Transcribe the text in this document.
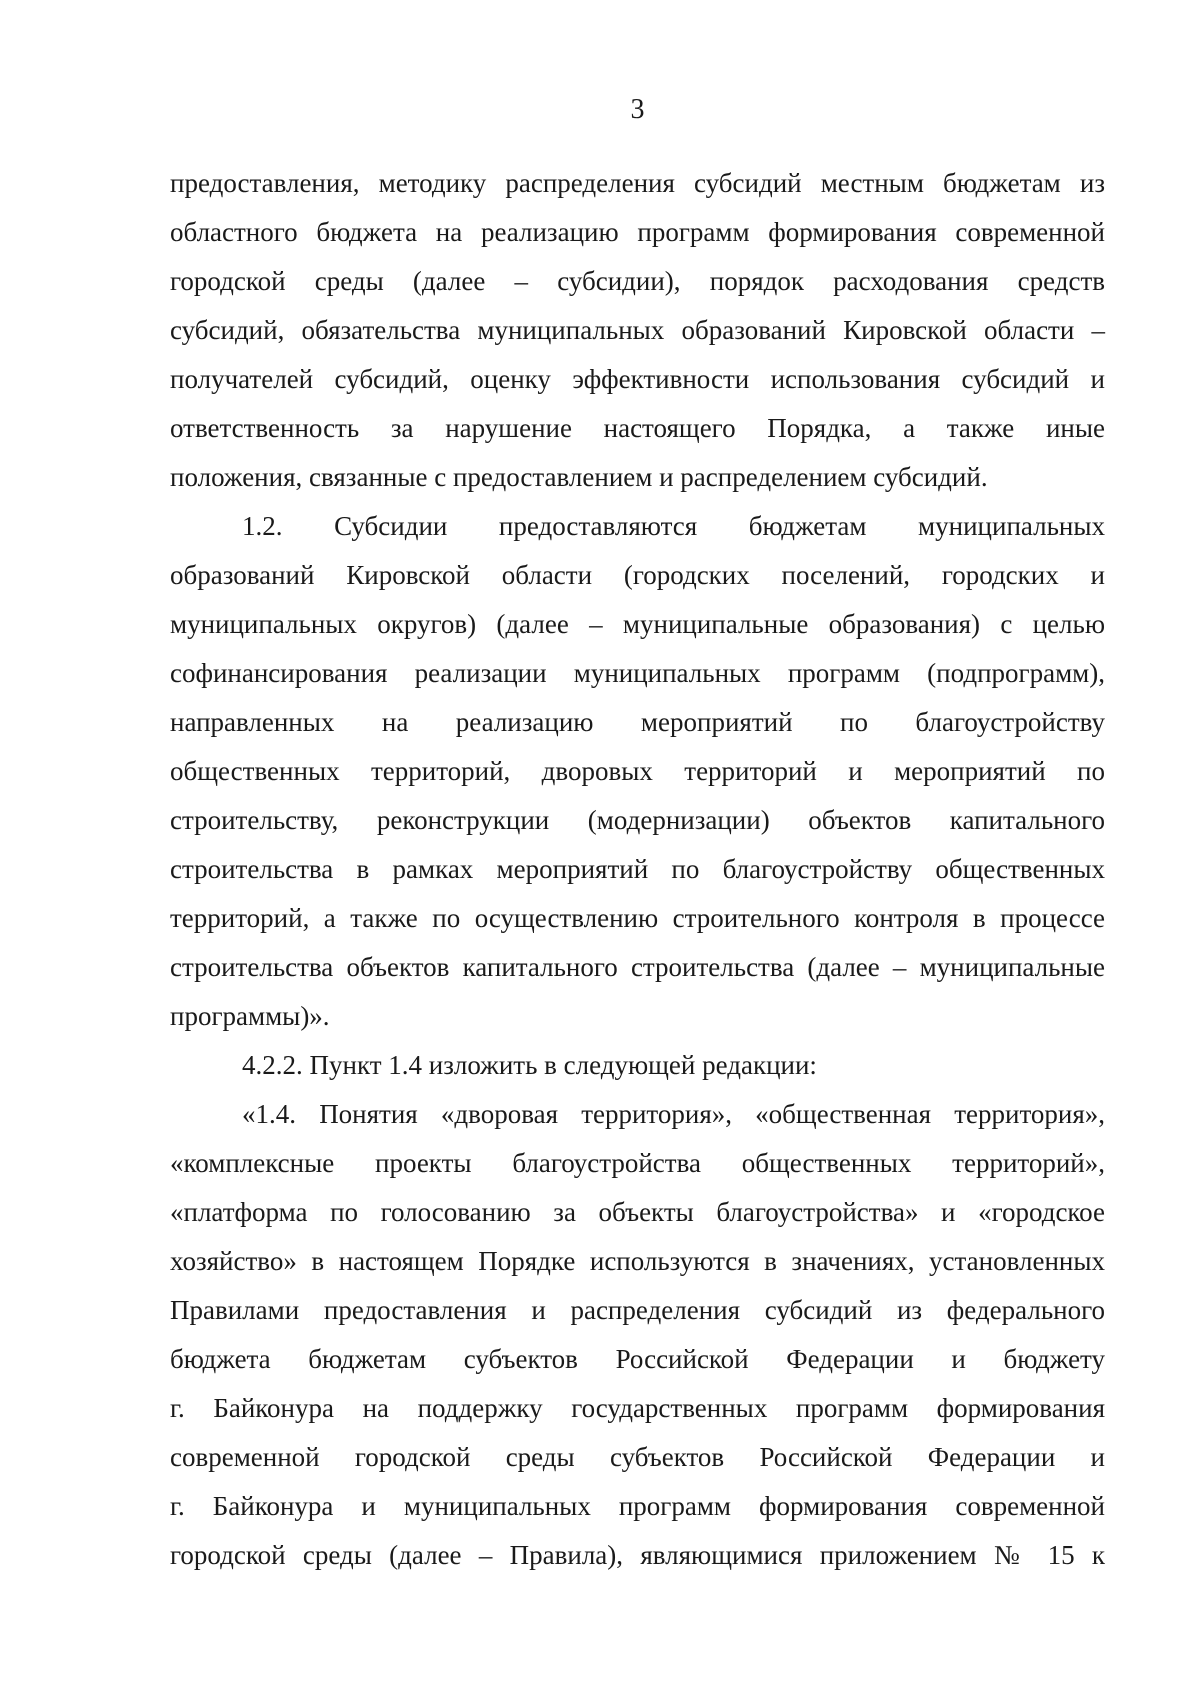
3
предоставления, методику распределения субсидий местным бюджетам из
областного бюджета на реализацию программ формирования современной
городской среды (далее – субсидии), порядок расходования средств
субсидий, обязательства муниципальных образований Кировской области –
получателей субсидий, оценку эффективности использования субсидий и
ответственность за нарушение настоящего Порядка, а также иные
положения, связанные с предоставлением и распределением субсидий.
1.2. Субсидии предоставляются бюджетам муниципальных
образований Кировской области (городских поселений, городских и
муниципальных округов) (далее – муниципальные образования) с целью
софинансирования реализации муниципальных программ (подпрограмм),
направленных на реализацию мероприятий по благоустройству
общественных территорий, дворовых территорий и мероприятий по
строительству, реконструкции (модернизации) объектов капитального
строительства в рамках мероприятий по благоустройству общественных
территорий, а также по осуществлению строительного контроля в процессе
строительства объектов капитального строительства (далее – муниципальные
программы)».
4.2.2. Пункт 1.4 изложить в следующей редакции:
«1.4. Понятия «дворовая территория», «общественная территория»,
«комплексные проекты благоустройства общественных территорий»,
«платформа по голосованию за объекты благоустройства» и «городское
хозяйство» в настоящем Порядке используются в значениях, установленных
Правилами предоставления и распределения субсидий из федерального
бюджета бюджетам субъектов Российской Федерации и бюджету
г. Байконура на поддержку государственных программ формирования
современной городской среды субъектов Российской Федерации и
г. Байконура и муниципальных программ формирования современной
городской среды (далее – Правила), являющимися приложением № 15 к
